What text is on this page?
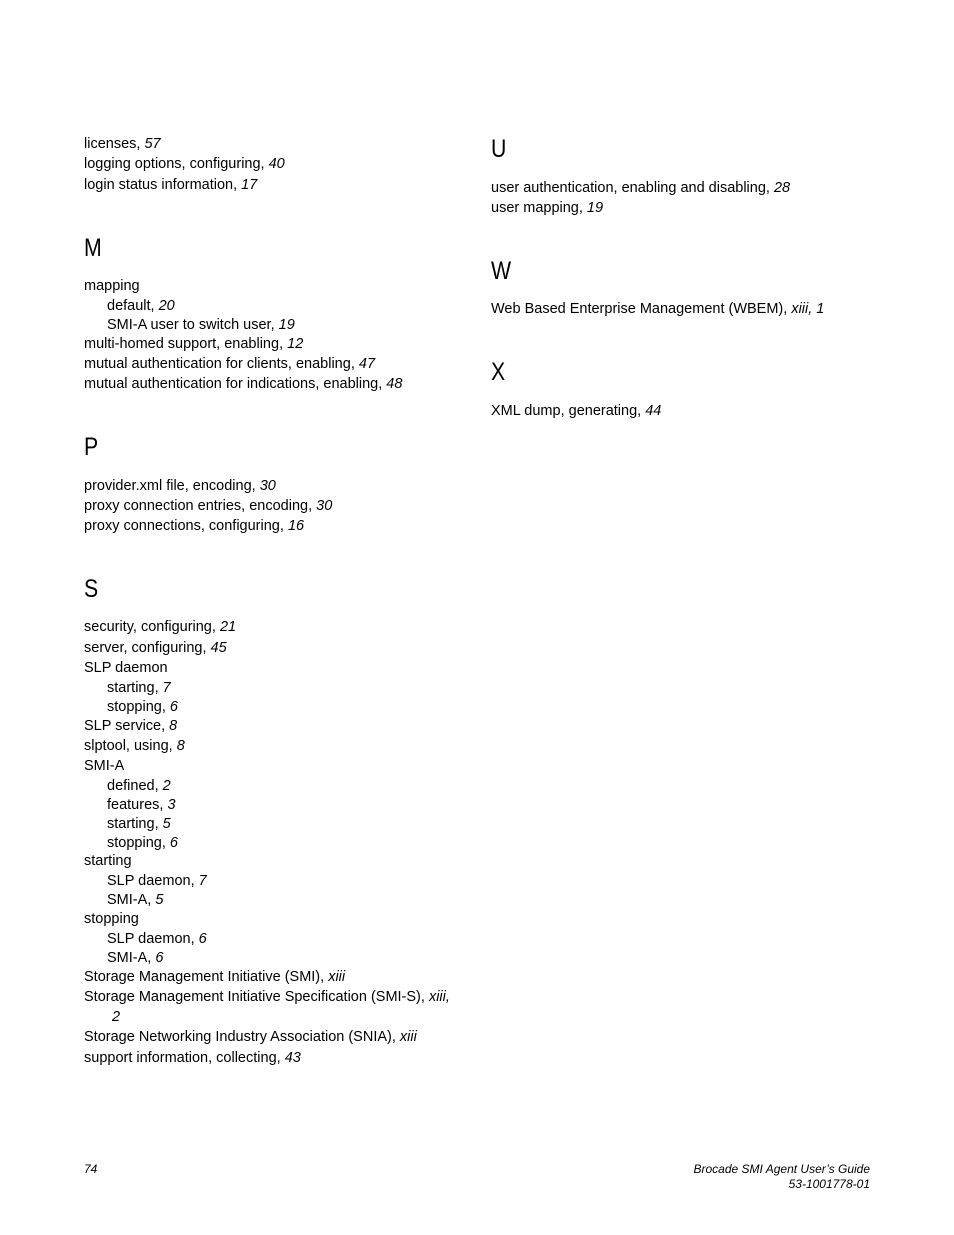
licenses, 57
logging options, configuring, 40
login status information, 17
M
mapping
default, 20
SMI-A user to switch user, 19
multi-homed support, enabling, 12
mutual authentication for clients, enabling, 47
mutual authentication for indications, enabling, 48
P
provider.xml file, encoding, 30
proxy connection entries, encoding, 30
proxy connections, configuring, 16
S
security, configuring, 21
server, configuring, 45
SLP daemon
starting, 7
stopping, 6
SLP service, 8
slptool, using, 8
SMI-A
defined, 2
features, 3
starting, 5
stopping, 6
starting
SLP daemon, 7
SMI-A, 5
stopping
SLP daemon, 6
SMI-A, 6
Storage Management Initiative (SMI), xiii
Storage Management Initiative Specification (SMI-S), xiii,
2
Storage Networking Industry Association (SNIA), xiii
support information, collecting, 43
U
user authentication, enabling and disabling, 28
user mapping, 19
W
Web Based Enterprise Management (WBEM), xiii, 1
X
XML dump, generating, 44
74	Brocade SMI Agent User’s Guide
53-1001778-01
